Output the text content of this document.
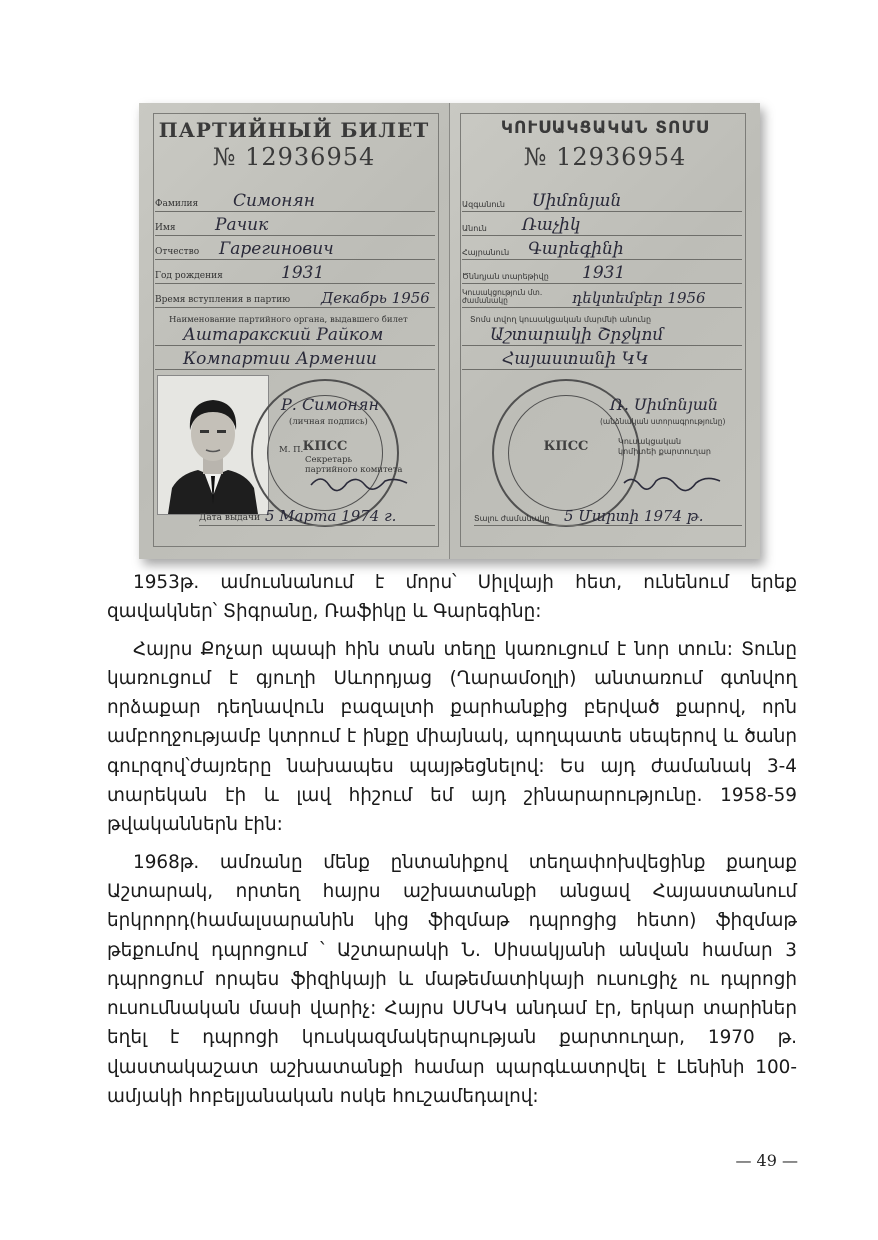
ПАРТИЙНЫЙ БИЛЕТ
№ 12936954
Фамилия Симонян
Имя Рачик
Отчество Гарегинович
Год рождения	1931
Время вступления в партию Декабрь 1956
Наименование партийного органа, выдавшего билет
Аштаракский Райком
Компартии Армении
КПСС
Р. Симонян
(личная подпись)
М. П.
Секретарь партийного комитета
Дата выдачи 5 Марта 1974 г.
ԿՈՒՍԱԿՑԱԿԱՆ ՏՈՄՍ
№ 12936954
Ազգանուն Սիմոնյան
Անուն Ռաչիկ
Հայրանուն Գարեգինի
Ծննդյան տարեթիվը 1931
Կուսակցություն մտ. ժամանակը	դեկտեմբեր 1956
Տոմս տվող կուսակցական մարմնի անունը
Աշտարակի Շրջկոմ
Հայաստանի ԿԿ
КПСС
Ռ. Սիմոնյան
(անձնական ստորագրությունը)
Կուսակցական կոմիտեի քարտուղար
Տալու ժամանակը 5 Մարտի 1974 թ.

1953թ. ամուսնանում է մորս՝ Սիլվայի հետ, ունենում երեք զավակներ՝ Տիգրանը, Ռաֆիկը և Գարեգինը:

Հայրս Քոչար պապի հին տան տեղը կառուցում է նոր տուն: Տունը կառուցում է գյուղի Սևորդյաց (Ղարամօղլի) անտառում գտնվող որձաքար դեղնավուն բազալտի քարհանքից բերված քարով, որն ամբողջությամբ կտրում է ինքը միայնակ, պողպատե սեպերով և ծանր գուրզով՝ժայռերը նախապես պայթեցնելով: Ես այդ ժամանակ 3-4 տարեկան էի և լավ հիշում եմ այդ շինարարությունը. 1958-59 թվականներն էին:

1968թ. ամռանը մենք ընտանիքով տեղափոխվեցինք քաղաք Աշտարակ, որտեղ հայրս աշխատանքի անցավ Հայաստանում երկրորդ(համալսարանին կից ֆիզմաթ դպրոցից հետո) ֆիզմաթ թեքումով դպրոցում ՝ Աշտարակի Ն. Սիսակյանի անվան համար 3 դպրոցում որպես ֆիզիկայի և մաթեմատիկայի ուսուցիչ ու դպրոցի ուսումնական մասի վարիչ: Հայրս ՍՄԿԿ անդամ էր, երկար տարիներ եղել է դպրոցի կուսկազմակերպության քարտուղար, 1970 թ. վաստակաշատ աշխատանքի համար պարգևատրվել է Լենինի 100-ամյակի հոբելյանական ոսկե հուշամեդալով:

— 49 —
